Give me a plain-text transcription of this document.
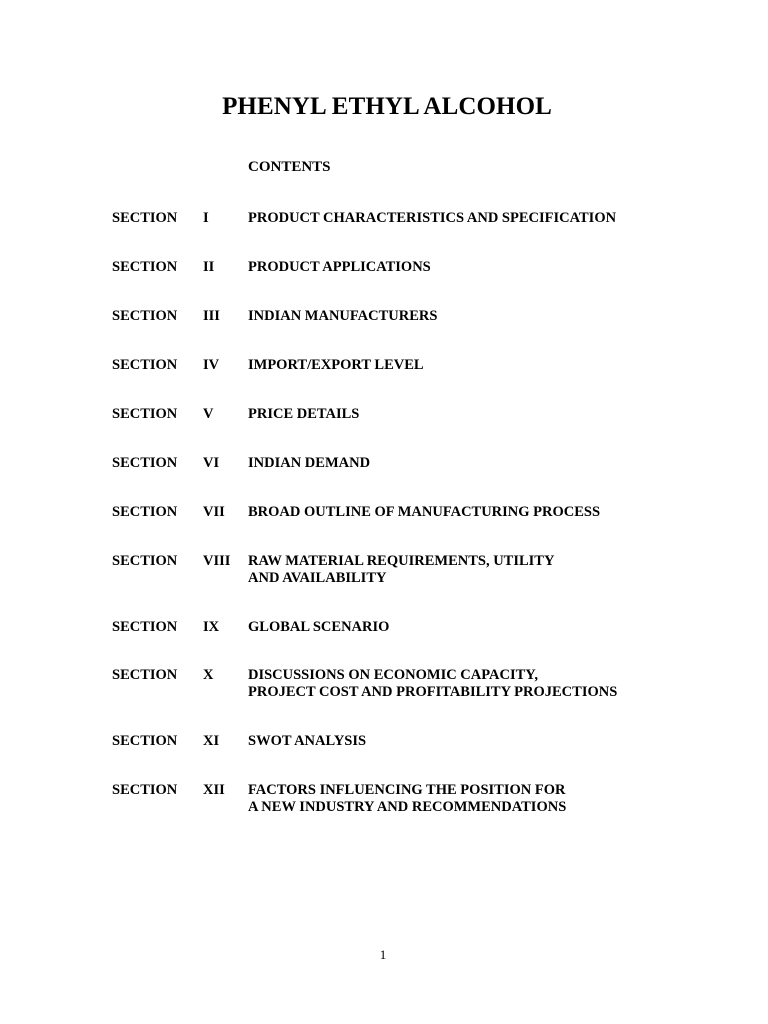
PHENYL ETHYL ALCOHOL
CONTENTS
SECTION I	PRODUCT CHARACTERISTICS AND SPECIFICATION
SECTION II PRODUCT APPLICATIONS
SECTION III INDIAN MANUFACTURERS
SECTION IV IMPORT/EXPORT LEVEL
SECTION V PRICE DETAILS
SECTION VI INDIAN DEMAND
SECTION VII BROAD OUTLINE OF MANUFACTURING PROCESS
SECTION VIII RAW MATERIAL REQUIREMENTS, UTILITY
AND AVAILABILITY
SECTION IX GLOBAL SCENARIO
SECTION X DISCUSSIONS ON ECONOMIC CAPACITY,
PROJECT COST AND PROFITABILITY PROJECTIONS
SECTION XI SWOT ANALYSIS
SECTION XII FACTORS INFLUENCING THE POSITION FOR
A NEW INDUSTRY AND RECOMMENDATIONS
1
